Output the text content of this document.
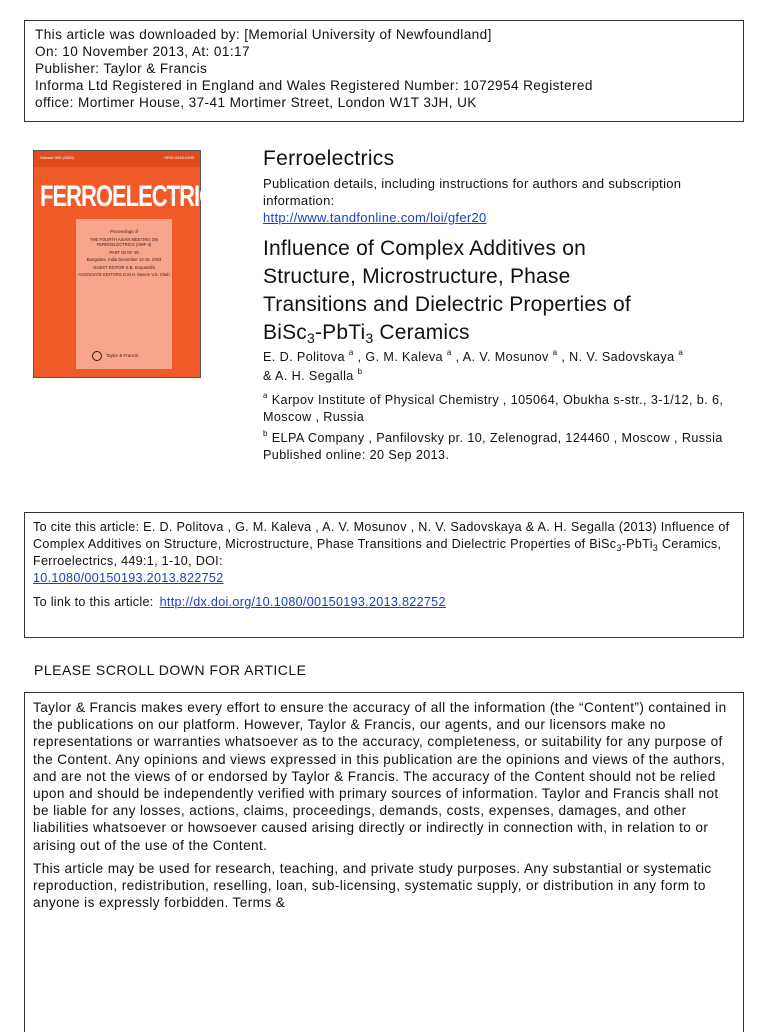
This article was downloaded by: [Memorial University of Newfoundland]
On: 10 November 2013, At: 01:17
Publisher: Taylor & Francis
Informa Ltd Registered in England and Wales Registered Number: 1072954 Registered
office: Mortimer House, 37-41 Mortimer Street, London W1T 3JH, UK
Volume 000 (0000)	ISSN 0015-0193
FERROELECTRICS
Proceedings of
THE FOURTH ASIAN MEETING ON FERROELECTRICS (AMF-4)
PART 00 OF 00
Bangalore, India December 12-15, 2003
GUEST EDITOR S.B. Krupanidhi
ASSOCIATE EDITORS G.M.H. Menon V.S. Shah
Taylor & Francis
Ferroelectrics
Publication details, including instructions for authors and subscription information:
http://www.tandfonline.com/loi/gfer20
Influence of Complex Additives on
Structure, Microstructure, Phase
Transitions and Dielectric Properties of
BiSc$_3$-PbTi$_3$ Ceramics
E. D. Politova $^a$ , G. M. Kaleva $^a$ , A. V. Mosunov $^a$ , N. V. Sadovskaya $^a$
& A. H. Segalla $^b$
$^a$ Karpov Institute of Physical Chemistry , 105064, Obukha s-str., 3-1/12, b. 6, Moscow , Russia
$^b$ ELPA Company , Panfilovsky pr. 10, Zelenograd, 124460 , Moscow , Russia
Published online: 20 Sep 2013.
To cite this article: E. D. Politova , G. M. Kaleva , A. V. Mosunov , N. V. Sadovskaya & A. H. Segalla (2013) Influence of Complex Additives on Structure, Microstructure, Phase Transitions and Dielectric Properties of BiSc$_3$-PbTi$_3$ Ceramics, Ferroelectrics, 449:1, 1-10, DOI:
10.1080/00150193.2013.822752
To link to this article: http://dx.doi.org/10.1080/00150193.2013.822752
PLEASE SCROLL DOWN FOR ARTICLE

Taylor & Francis makes every effort to ensure the accuracy of all the information (the “Content”) contained in the publications on our platform. However, Taylor & Francis, our agents, and our licensors make no representations or warranties whatsoever as to the accuracy, completeness, or suitability for any purpose of the Content. Any opinions and views expressed in this publication are the opinions and views of the authors, and are not the views of or endorsed by Taylor & Francis. The accuracy of the Content should not be relied upon and should be independently verified with primary sources of information. Taylor and Francis shall not be liable for any losses, actions, claims, proceedings, demands, costs, expenses, damages, and other liabilities whatsoever or howsoever caused arising directly or indirectly in connection with, in relation to or arising out of the use of the Content.

This article may be used for research, teaching, and private study purposes. Any substantial or systematic reproduction, redistribution, reselling, loan, sub-licensing, systematic supply, or distribution in any form to anyone is expressly forbidden. Terms &
